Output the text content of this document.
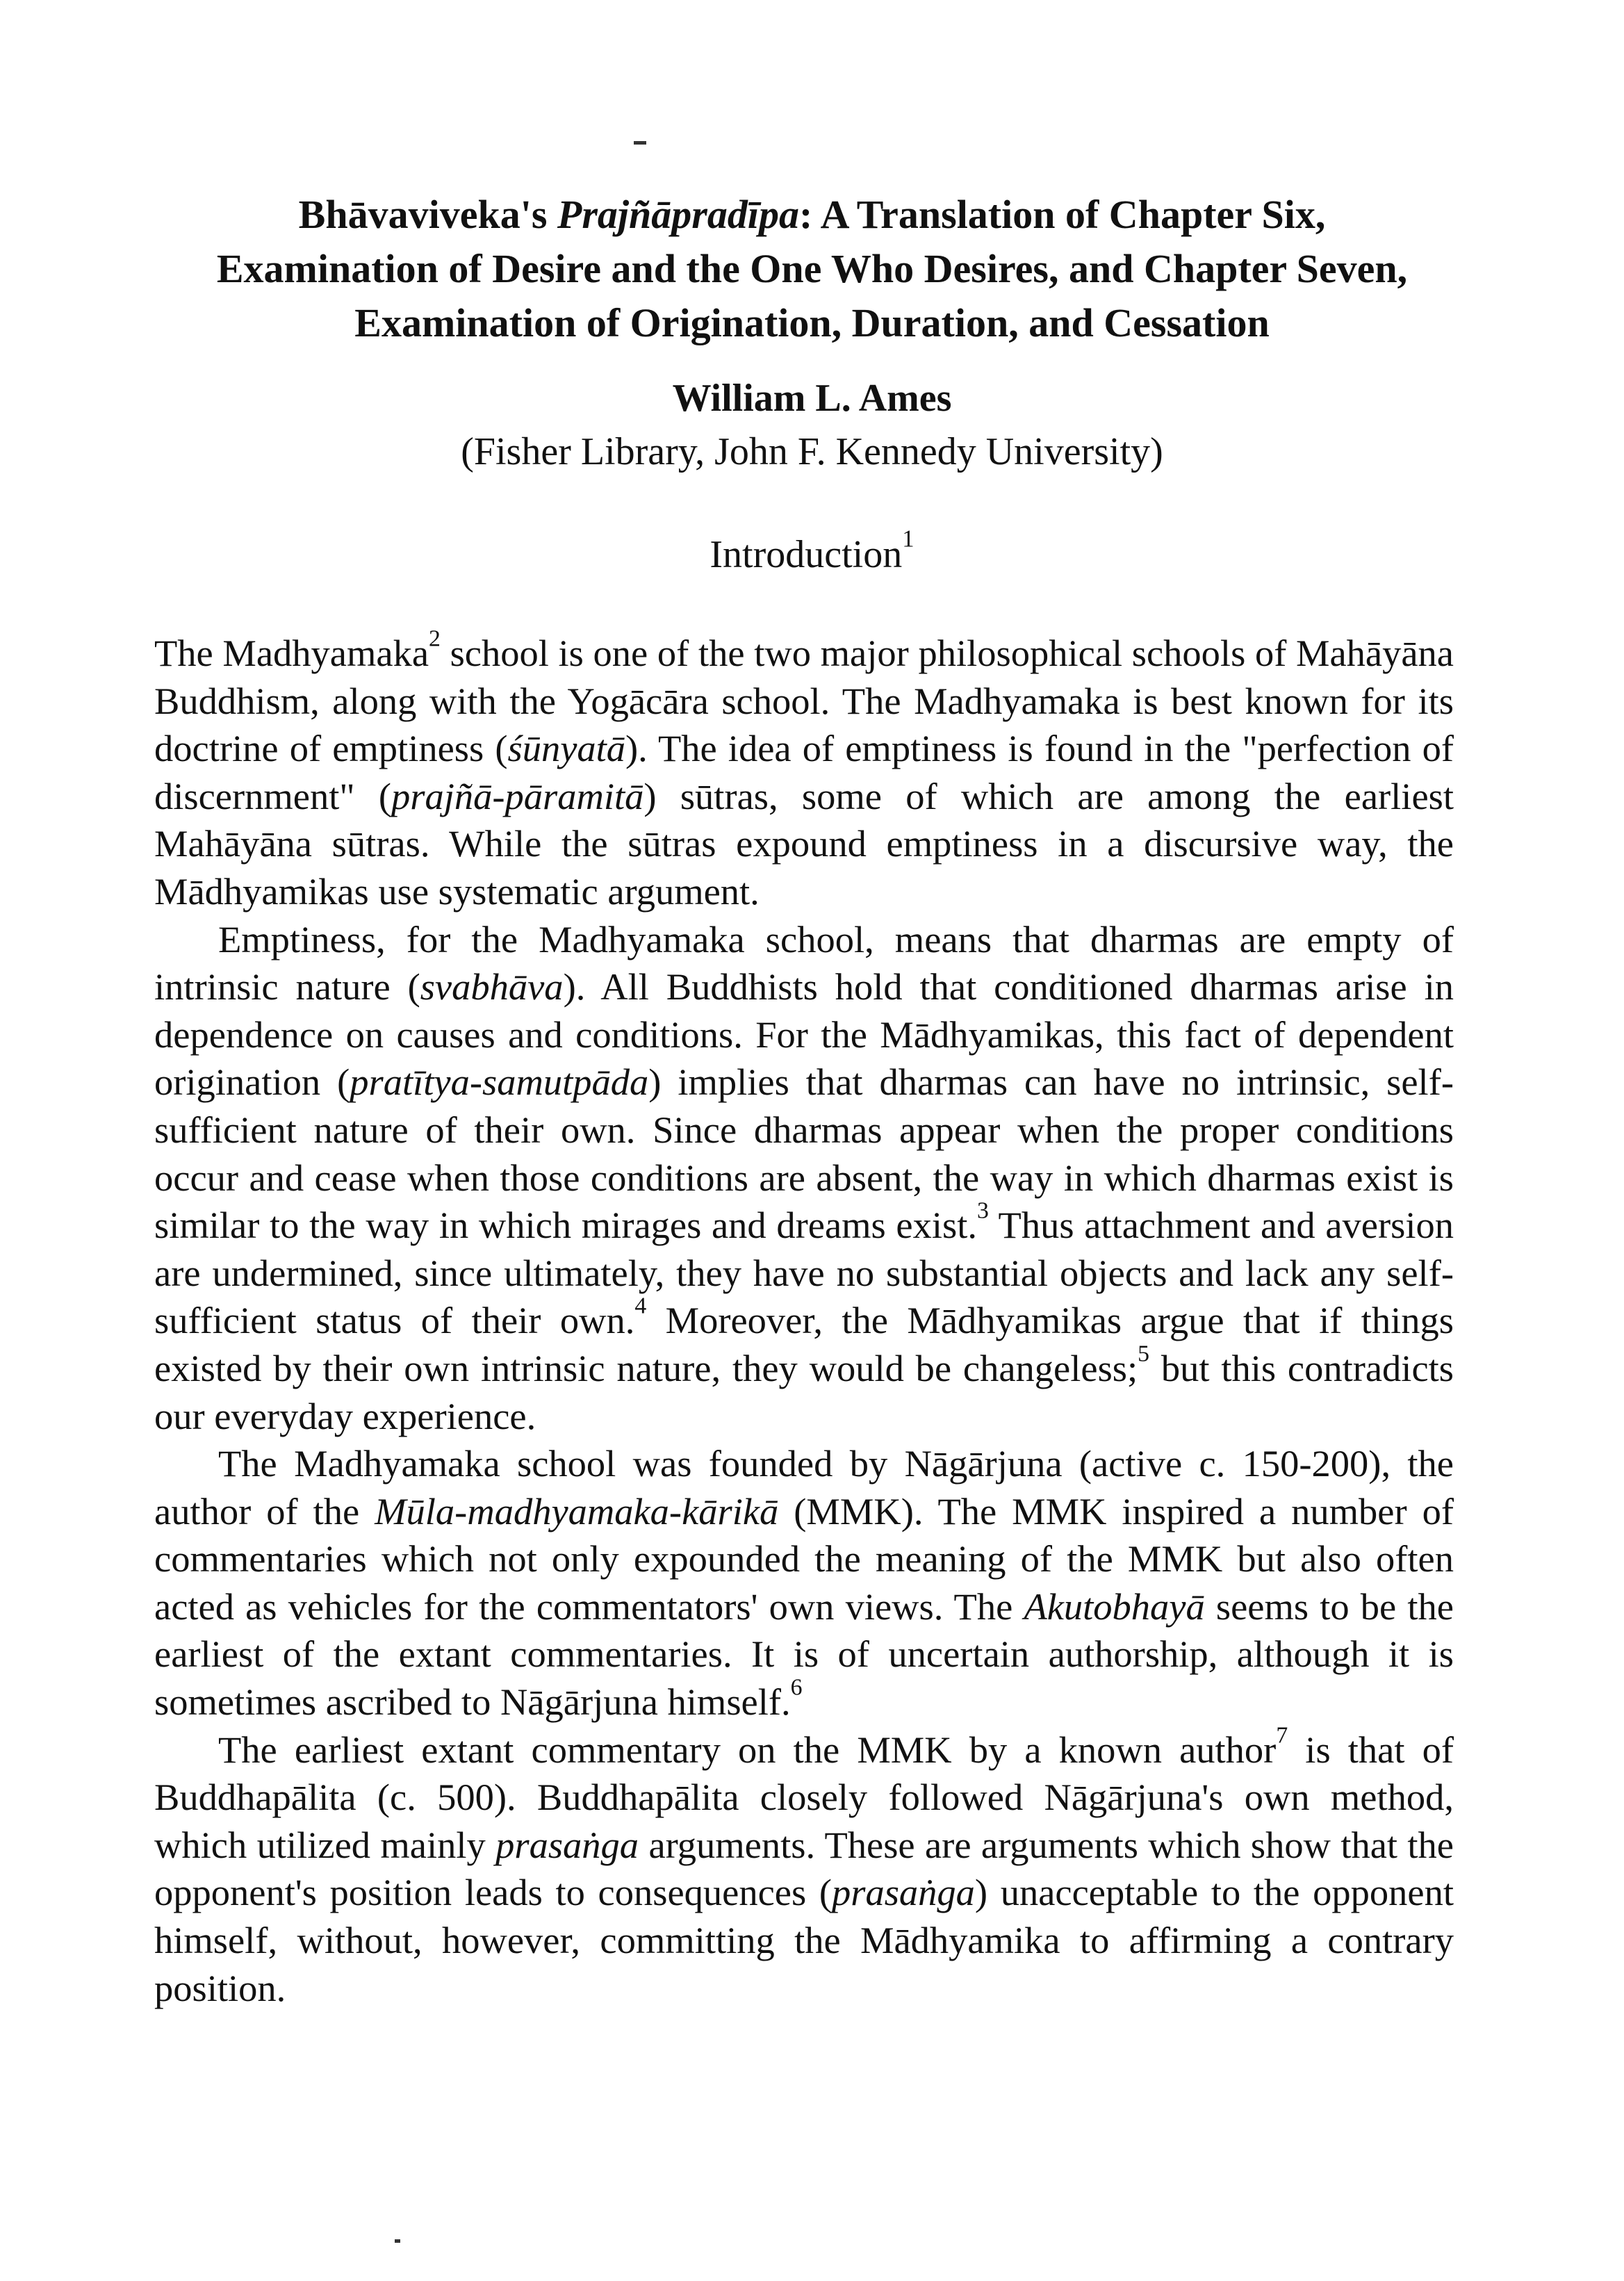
Bhāvaviveka's Prajñāpradīpa: A Translation of Chapter Six,
Examination of Desire and the One Who Desires, and Chapter Seven,
Examination of Origination, Duration, and Cessation

William L. Ames

(Fisher Library, John F. Kennedy University)

Introduction$^1$

The Madhyamaka$^2$ school is one of the two major philosophical schools of Mahāyāna Buddhism, along with the Yogācāra school. The Madhyamaka is best known for its doctrine of emptiness (śūnyatā). The idea of emptiness is found in the "perfection of discernment" (prajñā-pāramitā) sūtras, some of which are among the earliest Mahāyāna sūtras. While the sūtras expound emptiness in a discursive way, the Mādhyamikas use systematic argument.

Emptiness, for the Madhyamaka school, means that dharmas are empty of intrinsic nature (svabhāva). All Buddhists hold that conditioned dharmas arise in dependence on causes and conditions. For the Mādhyamikas, this fact of dependent origination (pratītya-samutpāda) implies that dharmas can have no intrinsic, self-sufficient nature of their own. Since dharmas appear when the proper conditions occur and cease when those conditions are absent, the way in which dharmas exist is similar to the way in which mirages and dreams exist.$^3$ Thus attachment and aversion are undermined, since ultimately, they have no substantial objects and lack any self-sufficient status of their own.$^4$ Moreover, the Mādhyamikas argue that if things existed by their own intrinsic nature, they would be changeless;$^5$ but this contradicts our everyday experience.

The Madhyamaka school was founded by Nāgārjuna (active c. 150-200), the author of the Mūla-madhyamaka-kārikā (MMK). The MMK inspired a number of commentaries which not only expounded the meaning of the MMK but also often acted as vehicles for the commentators' own views. The Akutobhayā seems to be the earliest of the extant commentaries. It is of uncertain authorship, although it is sometimes ascribed to Nāgārjuna himself.$^6$

The earliest extant commentary on the MMK by a known author$^7$ is that of Buddhapālita (c. 500). Buddhapālita closely followed Nāgārjuna's own method, which utilized mainly prasaṅga arguments. These are arguments which show that the opponent's position leads to consequences (prasaṅga) unacceptable to the opponent himself, without, however, committing the Mādhyamika to affirming a contrary position.
